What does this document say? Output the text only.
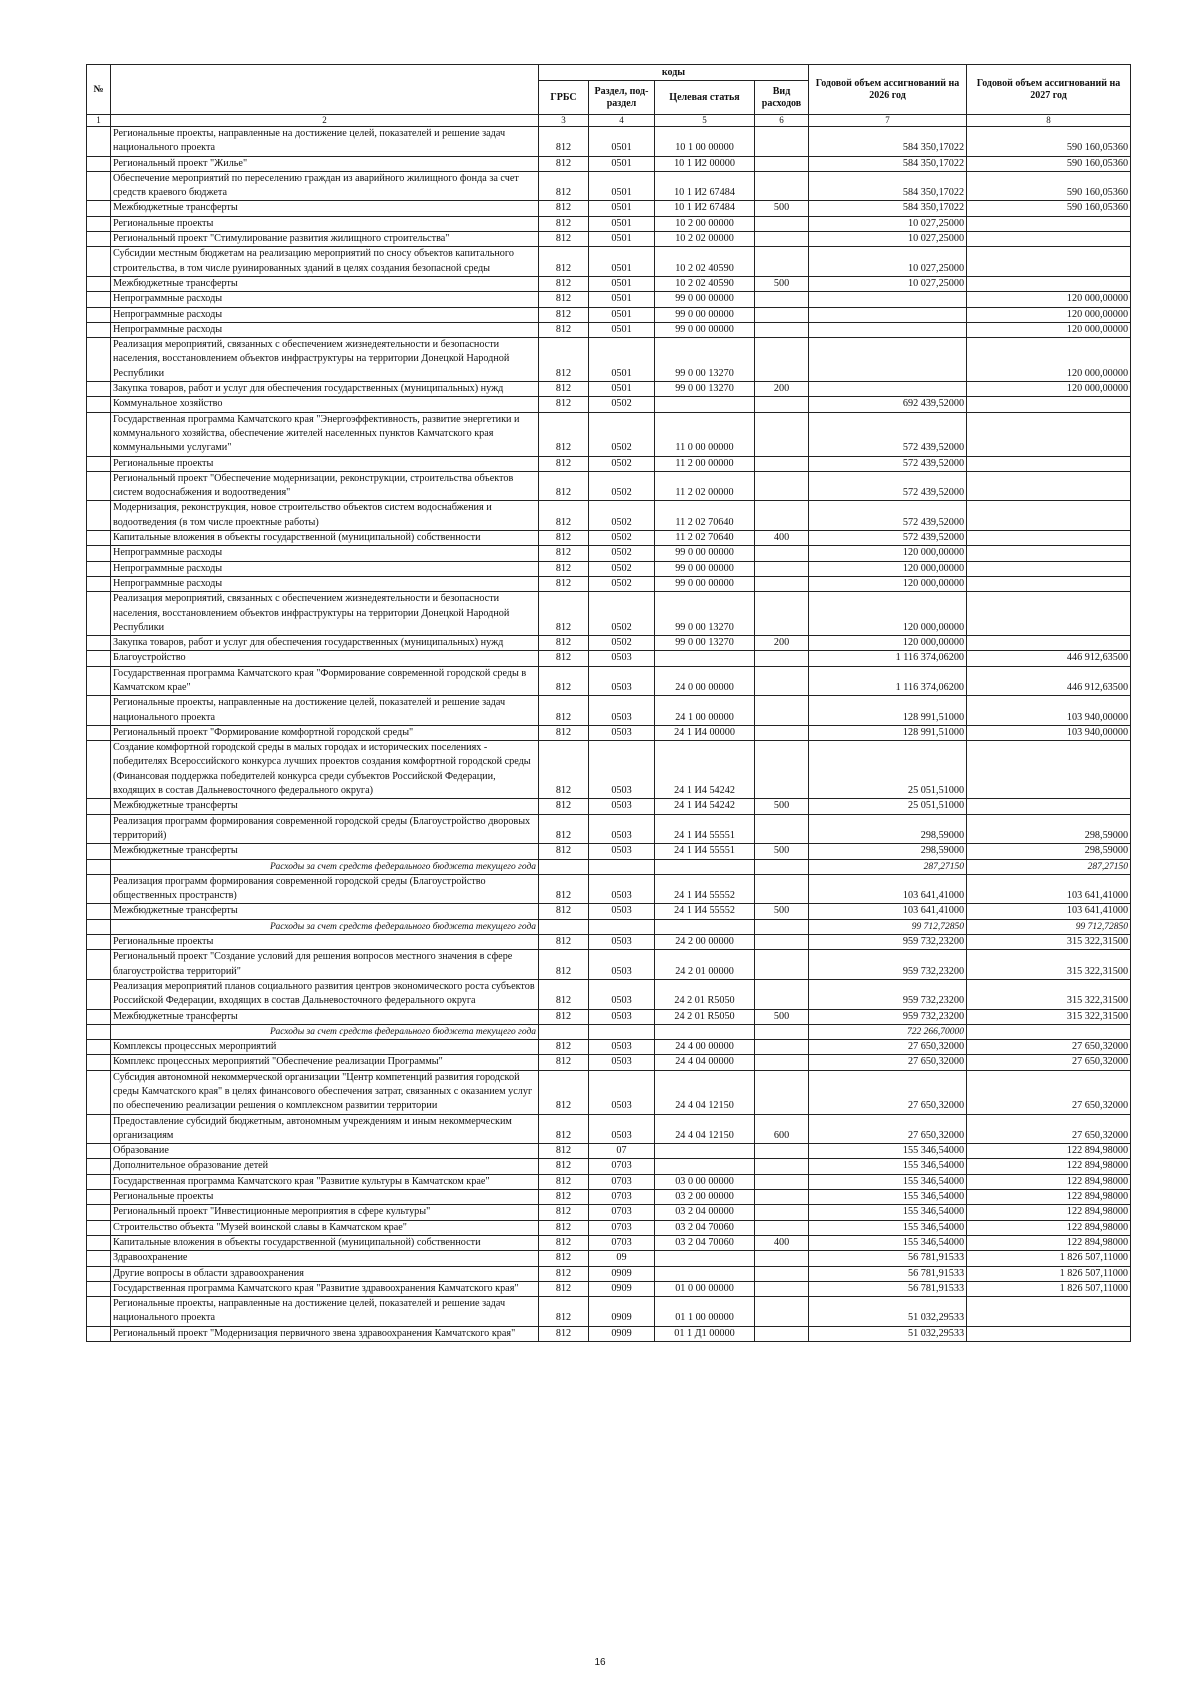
№		коды				Годовой объем ассигнований на 2026 год	Годовой объем ассигнований на 2027 год
		ГРБС	Раздел, под-раздел	Целевая статья	Вид расходов		
1	2	3	4	5	6	7	8
	Региональные проекты, направленные на достижение целей, показателей и решение задач национального проекта	812	0501	10 1 00 00000		584 350,17022	590 160,05360
	Региональный проект "Жилье"	812	0501	10 1 И2 00000		584 350,17022	590 160,05360
	Обеспечение мероприятий по переселению граждан из аварийного жилищного фонда за счет средств краевого бюджета	812	0501	10 1 И2 67484		584 350,17022	590 160,05360
	Межбюджетные трансферты	812	0501	10 1 И2 67484	500	584 350,17022	590 160,05360
	Региональные проекты	812	0501	10 2 00 00000		10 027,25000	
	Региональный проект "Стимулирование развития жилищного строительства"	812	0501	10 2 02 00000		10 027,25000	
	Субсидии местным бюджетам на реализацию мероприятий по сносу объектов капитального строительства, в том числе руинированных зданий в целях создания безопасной среды	812	0501	10 2 02 40590		10 027,25000	
	Межбюджетные трансферты	812	0501	10 2 02 40590	500	10 027,25000	
	Непрограммные расходы	812	0501	99 0 00 00000			120 000,00000
	Непрограммные расходы	812	0501	99 0 00 00000			120 000,00000
	Непрограммные расходы	812	0501	99 0 00 00000			120 000,00000
	Реализация мероприятий, связанных с обеспечением жизнедеятельности и безопасности населения, восстановлением объектов инфраструктуры на территории Донецкой Народной Республики	812	0501	99 0 00 13270			120 000,00000
	Закупка товаров, работ и услуг для обеспечения государственных (муниципальных) нужд	812	0501	99 0 00 13270	200		120 000,00000
	Коммунальное хозяйство	812	0502			692 439,52000	
	Государственная программа Камчатского края "Энергоэффективность, развитие энергетики и коммунального хозяйства, обеспечение жителей населенных пунктов Камчатского края коммунальными услугами"	812	0502	11 0 00 00000		572 439,52000	
	Региональные проекты	812	0502	11 2 00 00000		572 439,52000	
	Региональный проект "Обеспечение модернизации, реконструкции, строительства объектов систем водоснабжения и водоотведения"	812	0502	11 2 02 00000		572 439,52000	
	Модернизация, реконструкция, новое строительство объектов систем водоснабжения и водоотведения (в том числе проектные работы)	812	0502	11 2 02 70640		572 439,52000	
	Капитальные вложения в объекты государственной (муниципальной) собственности	812	0502	11 2 02 70640	400	572 439,52000	
	Непрограммные расходы	812	0502	99 0 00 00000		120 000,00000	
	Непрограммные расходы	812	0502	99 0 00 00000		120 000,00000	
	Непрограммные расходы	812	0502	99 0 00 00000		120 000,00000	
	Реализация мероприятий, связанных с обеспечением жизнедеятельности и безопасности населения, восстановлением объектов инфраструктуры на территории Донецкой Народной Республики	812	0502	99 0 00 13270		120 000,00000	
	Закупка товаров, работ и услуг для обеспечения государственных (муниципальных) нужд	812	0502	99 0 00 13270	200	120 000,00000	
	Благоустройство	812	0503			1 116 374,06200	446 912,63500
	Государственная программа Камчатского края "Формирование современной городской среды в Камчатском крае"	812	0503	24 0 00 00000		1 116 374,06200	446 912,63500
	Региональные проекты, направленные на достижение целей, показателей и решение задач национального проекта	812	0503	24 1 00 00000		128 991,51000	103 940,00000
	Региональный проект "Формирование комфортной городской среды"	812	0503	24 1 И4 00000		128 991,51000	103 940,00000
	Создание комфортной городской среды в малых городах и исторических поселениях - победителях Всероссийского конкурса лучших проектов создания комфортной городской среды (Финансовая поддержка победителей конкурса среди субъектов Российской Федерации, входящих в состав Дальневосточного федерального округа)	812	0503	24 1 И4 54242		25 051,51000	
	Межбюджетные трансферты	812	0503	24 1 И4 54242	500	25 051,51000	
	Реализация программ формирования современной городской среды (Благоустройство дворовых территорий)	812	0503	24 1 И4 55551		298,59000	298,59000
	Межбюджетные трансферты	812	0503	24 1 И4 55551	500	298,59000	298,59000
	Расходы за счет средств федерального бюджета текущего года					287,27150	287,27150
	Реализация программ формирования современной городской среды (Благоустройство общественных пространств)	812	0503	24 1 И4 55552		103 641,41000	103 641,41000
	Межбюджетные трансферты	812	0503	24 1 И4 55552	500	103 641,41000	103 641,41000
	Расходы за счет средств федерального бюджета текущего года					99 712,72850	99 712,72850
	Региональные проекты	812	0503	24 2 00 00000		959 732,23200	315 322,31500
	Региональный проект "Создание условий для решения вопросов местного значения в сфере благоустройства территорий"	812	0503	24 2 01 00000		959 732,23200	315 322,31500
	Реализация мероприятий планов социального развития центров экономического роста субъектов Российской Федерации, входящих в состав Дальневосточного федерального округа	812	0503	24 2 01 R5050		959 732,23200	315 322,31500
	Межбюджетные трансферты	812	0503	24 2 01 R5050	500	959 732,23200	315 322,31500
	Расходы за счет средств федерального бюджета текущего года					722 266,70000	
	Комплексы процессных мероприятий	812	0503	24 4 00 00000		27 650,32000	27 650,32000
	Комплекс процессных мероприятий "Обеспечение реализации Программы"	812	0503	24 4 04 00000		27 650,32000	27 650,32000
	Субсидия автономной некоммерческой организации "Центр компетенций развития городской среды Камчатского края" в целях финансового обеспечения затрат, связанных с оказанием услуг по обеспечению реализации решения о комплексном развитии территории	812	0503	24 4 04 12150		27 650,32000	27 650,32000
	Предоставление субсидий бюджетным, автономным учреждениям и иным некоммерческим организациям	812	0503	24 4 04 12150	600	27 650,32000	27 650,32000
	Образование	812	07			155 346,54000	122 894,98000
	Дополнительное образование детей	812	0703			155 346,54000	122 894,98000
	Государственная программа Камчатского края "Развитие культуры в Камчатском крае"	812	0703	03 0 00 00000		155 346,54000	122 894,98000
	Региональные проекты	812	0703	03 2 00 00000		155 346,54000	122 894,98000
	Региональный проект "Инвестиционные мероприятия в сфере культуры"	812	0703	03 2 04 00000		155 346,54000	122 894,98000
	Строительство объекта "Музей воинской славы в Камчатском крае"	812	0703	03 2 04 70060		155 346,54000	122 894,98000
	Капитальные вложения в объекты государственной (муниципальной) собственности	812	0703	03 2 04 70060	400	155 346,54000	122 894,98000
	Здравоохранение	812	09			56 781,91533	1 826 507,11000
	Другие вопросы в области здравоохранения	812	0909			56 781,91533	1 826 507,11000
	Государственная программа Камчатского края "Развитие здравоохранения Камчатского края"	812	0909	01 0 00 00000		56 781,91533	1 826 507,11000
	Региональные проекты, направленные на достижение целей, показателей и решение задач национального проекта	812	0909	01 1 00 00000		51 032,29533	
	Региональный проект "Модернизация первичного звена здравоохранения Камчатского края"	812	0909	01 1 Д1 00000		51 032,29533	
16
